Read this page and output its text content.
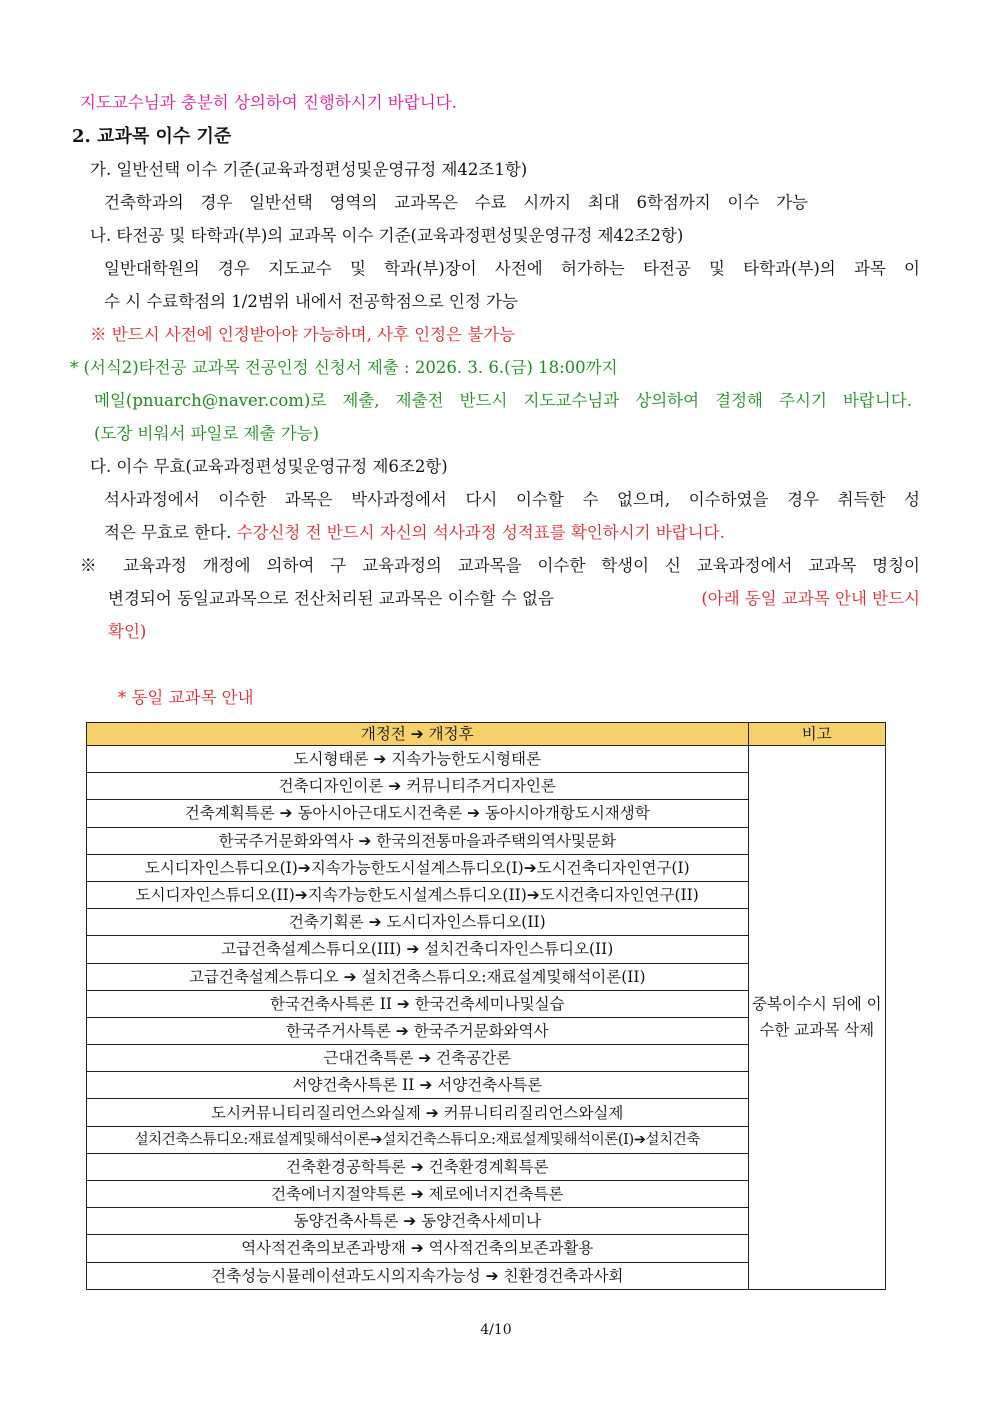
지도교수님과 충분히 상의하여 진행하시기 바랍니다.
2. 교과목 이수 기준
가. 일반선택 이수 기준(교육과정편성및운영규정 제42조1항)
건축학과의 경우 일반선택 영역의 교과목은 수료 시까지 최대 6학점까지 이수 가능
나. 타전공 및 타학과(부)의 교과목 이수 기준(교육과정편성및운영규정 제42조2항)
일반대학원의 경우 지도교수 및 학과(부)장이 사전에 허가하는 타전공 및 타학과(부)의 과목 이
수 시 수료학점의 1/2범위 내에서 전공학점으로 인정 가능
※ 반드시 사전에 인정받아야 가능하며, 사후 인정은 불가능
* (서식2)타전공 교과목 전공인정 신청서 제출 : 2026. 3. 6.(금) 18:00까지
메일(pnuarch@naver.com)로 제출, 제출전 반드시 지도교수님과 상의하여 결정해 주시기 바랍니다.
(도장 비워서 파일로 제출 가능)
다. 이수 무효(교육과정편성및운영규정 제6조2항)
석사과정에서 이수한 과목은 박사과정에서 다시 이수할 수 없으며, 이수하였을 경우 취득한 성
적은 무효로 한다. 수강신청 전 반드시 자신의 석사과정 성적표를 확인하시기 바랍니다.
※ 교육과정 개정에 의하여 구 교육과정의 교과목을 이수한 학생이 신 교육과정에서 교과목 명칭이
변경되어 동일교과목으로 전산처리된 교과목은 이수할 수 없음	(아래 동일 교과목 안내 반드시
확인)
* 동일 교과목 안내
개정전 ➔ 개정후	비고
도시형태론 ➔ 지속가능한도시형태론	중복이수시 뒤에 이수한 교과목 삭제
건축디자인이론 ➔ 커뮤니티주거디자인론	
건축계획특론 ➔ 동아시아근대도시건축론 ➔ 동아시아개항도시재생학	
한국주거문화와역사 ➔ 한국의전통마을과주택의역사및문화	
도시디자인스튜디오(I)➔지속가능한도시설계스튜디오(I)➔도시건축디자인연구(I)	
도시디자인스튜디오(II)➔지속가능한도시설계스튜디오(II)➔도시건축디자인연구(II)	
건축기획론 ➔ 도시디자인스튜디오(II)	
고급건축설계스튜디오(III) ➔ 설치건축디자인스튜디오(II)	
고급건축설계스튜디오 ➔ 설치건축스튜디오:재료설계및해석이론(II)	
한국건축사특론 II ➔ 한국건축세미나및실습	
한국주거사특론 ➔ 한국주거문화와역사	
근대건축특론 ➔ 건축공간론	
서양건축사특론 II ➔ 서양건축사특론	
도시커뮤니티리질리언스와실제 ➔ 커뮤니티리질리언스와실제	
설치건축스튜디오:재료설계및해석이론➔설치건축스튜디오:재료설계및해석이론(I)➔설치건축	
건축환경공학특론 ➔ 건축환경계획특론	
건축에너지절약특론 ➔ 제로에너지건축특론	
동양건축사특론 ➔ 동양건축사세미나	
역사적건축의보존과방재 ➔ 역사적건축의보존과활용	
건축성능시뮬레이션과도시의지속가능성 ➔ 친환경건축과사회	
4/10
